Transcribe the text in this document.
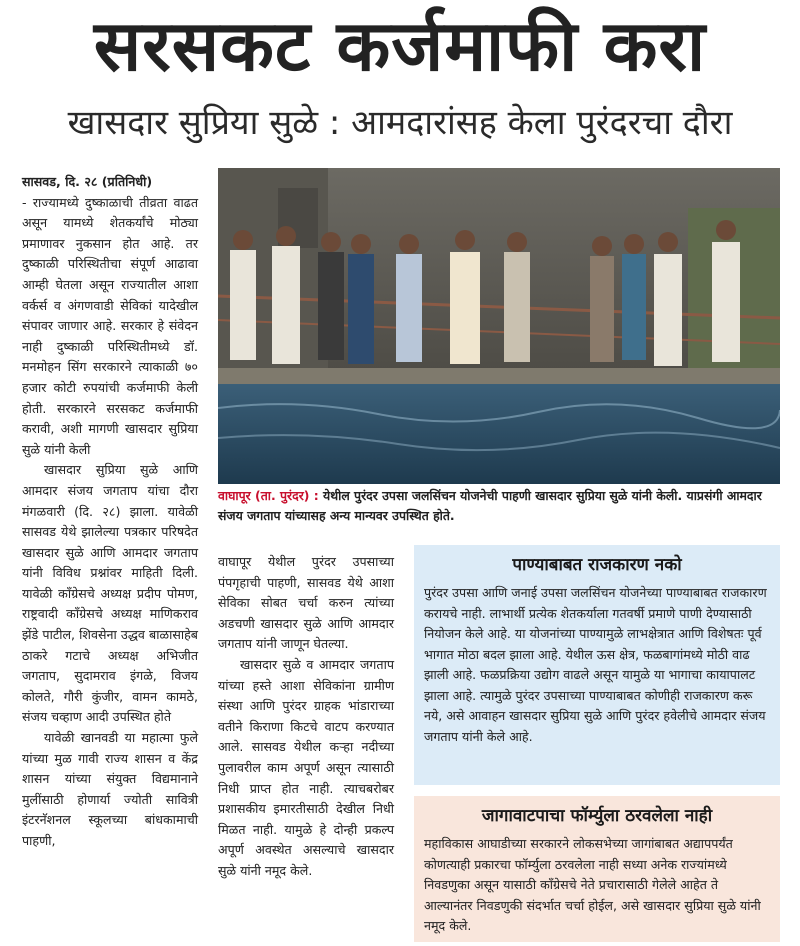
सरसकट कर्जमाफी करा
खासदार सुप्रिया सुळे : आमदारांसह केला पुरंदरचा दौरा

सासवड, दि. २८ (प्रतिनिधी)

- राज्यामध्ये दुष्काळाची तीव्रता वाढत असून यामध्ये शेतकर्यांचे मोठ्या प्रमाणावर नुकसान होत आहे. तर दुष्काळी परिस्थितीचा संपूर्ण आढावा आम्ही घेतला असून राज्यातील आशा वर्कर्स व अंगणवाडी सेविकां यादेखील संपावर जाणार आहे. सरकार हे संवेदन नाही दुष्काळी परिस्थितीमध्ये डॉ. मनमोहन सिंग सरकारने त्याकाळी ७० हजार कोटी रुपयांची कर्जमाफी केली होती. सरकारने सरसकट कर्जमाफी करावी, अशी मागणी खासदार सुप्रिया सुळे यांनी केली

खासदार सुप्रिया सुळे आणि आमदार संजय जगताप यांचा दौरा मंगळवारी (दि. २८) झाला. यावेळी सासवड येथे झालेल्या पत्रकार परिषदेत खासदार सुळे आणि आमदार जगताप यांनी विविध प्रश्नांवर माहिती दिली. यावेळी कॉंग्रेसचे अध्यक्ष प्रदीप पोमण, राष्ट्रवादी कॉंग्रेसचे अध्यक्ष माणिकराव झेंडे पाटील, शिवसेना उद्धव बाळासाहेब ठाकरे गटाचे अध्यक्ष अभिजीत जगताप, सुदामराव इंगळे, विजय कोलते, गौरी कुंजीर, वामन कामठे, संजय चव्हाण आदी उपस्थित होते

यावेळी खानवडी या महात्मा फुले यांच्या मुळ गावी राज्य शासन व केंद्र शासन यांच्या संयुक्त विद्यमानाने मुलींसाठी होणार्या ज्योती सावित्री इंटरनॅशनल स्कूलच्या बांधकामाची पाहणी,

वाघापूर (ता. पुरंदर) : येथील पुरंदर उपसा जलसिंचन योजनेची पाहणी खासदार सुप्रिया सुळे यांनी केली. याप्रसंगी आमदार संजय जगताप यांच्यासह अन्य मान्यवर उपस्थित होते.

वाघापूर येथील पुरंदर उपसाच्या पंपगृहाची पाहणी, सासवड येथे आशा सेविका सोबत चर्चा करुन त्यांच्या अडचणी खासदार सुळे आणि आमदार जगताप यांनी जाणून घेतल्या.

खासदार सुळे व आमदार जगताप यांच्या हस्ते आशा सेविकांना ग्रामीण संस्था आणि पुरंदर ग्राहक भांडाराच्या वतीने किराणा किटचे वाटप करण्यात आले. सासवड येथील कऱ्हा नदीच्या पुलावरील काम अपूर्ण असून त्यासाठी निधी प्राप्त होत नाही. त्याचबरोबर प्रशासकीय इमारतीसाठी देखील निधी मिळत नाही. यामुळे हे दोन्ही प्रकल्प अपूर्ण अवस्थेत असल्याचे खासदार सुळे यांनी नमूद केले.

पाण्याबाबत राजकारण नको
पुरंदर उपसा आणि जनाई उपसा जलसिंचन योजनेच्या पाण्याबाबत राजकारण करायचे नाही. लाभार्थी प्रत्येक शेतकर्याला गतवर्षी प्रमाणे पाणी देण्यासाठी नियोजन केले आहे. या योजनांच्या पाण्यामुळे लाभक्षेत्रात आणि विशेषतः पूर्व भागात मोठा बदल झाला आहे. येथील ऊस क्षेत्र, फळबागांमध्ये मोठी वाढ झाली आहे. फळप्रक्रिया उद्योग वाढले असून यामुळे या भागाचा कायापालट झाला आहे. त्यामुळे पुरंदर उपसाच्या पाण्याबाबत कोणीही राजकारण करू नये, असे आवाहन खासदार सुप्रिया सुळे आणि पुरंदर हवेलीचे आमदार संजय जगताप यांनी केले आहे.
जागावाटपाचा फॉर्म्युला ठरवलेला नाही
महाविकास आघाडीच्या सरकारने लोकसभेच्या जागांबाबत अद्यापपर्यंत कोणत्याही प्रकारचा फॉर्म्युला ठरवलेला नाही सध्या अनेक राज्यांमध्ये निवडणुका असून यासाठी कॉंग्रेसचे नेते प्रचारासाठी गेलेले आहेत ते आल्यानंतर निवडणुकी संदर्भात चर्चा होईल, असे खासदार सुप्रिया सुळे यांनी नमूद केले.
